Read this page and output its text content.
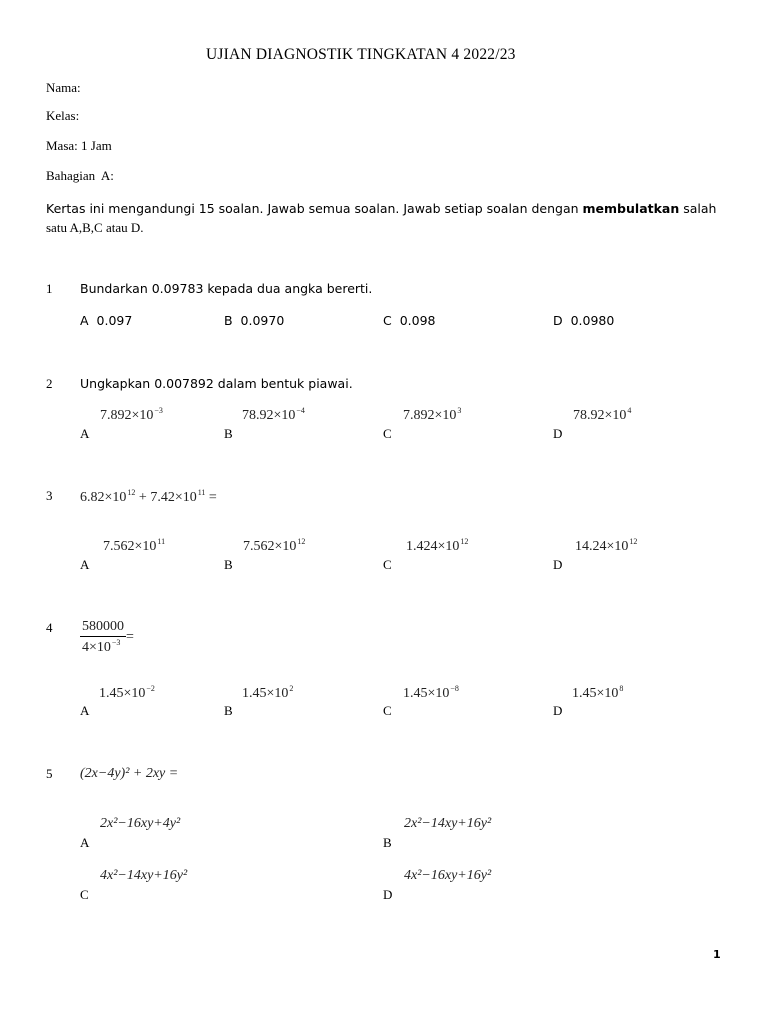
UJIAN DIAGNOSTIK TINGKATAN 4 2022/23
Nama:
Kelas:
Masa: 1 Jam
Bahagian  A:
Kertas ini mengandungi 15 soalan. Jawab semua soalan. Jawab setiap soalan dengan membulatkan salah
satu A,B,C atau D.
1 Bundarkan 0.09783 kepada dua angka bererti.
A 0.097	B 0.0970	C 0.098	D 0.0980
2 Ungkapkan 0.007892 dalam bentuk piawai.
$7.892\times 10^{-3}$
A
$78.92\times 10^{-4}$
B
$7.892\times 10^3$
C
$78.92\times 10^4$
D
3 $6.82\times 10^{12} + 7.42\times 10^{11}$ =
$7.562\times 10^{11}$
A
$7.562\times 10^{12}$
B
$1.424\times 10^{12}$
C
$14.24\times 10^{12}$
D
$4 \frac{580000}{4\times 10^{-3}}$ =
$1.45\times 10^{-2}$
A
$1.45\times 10^2$
B
$1.45\times 10^{-8}$
C
$1.45\times 10^8$
D
5 (2x−4y)² + 2xy =
2x²−16xy+4y²
A
2x²−14xy+16y²
B
4x²−14xy+16y²
C
4x²−16xy+16y²
D
1
